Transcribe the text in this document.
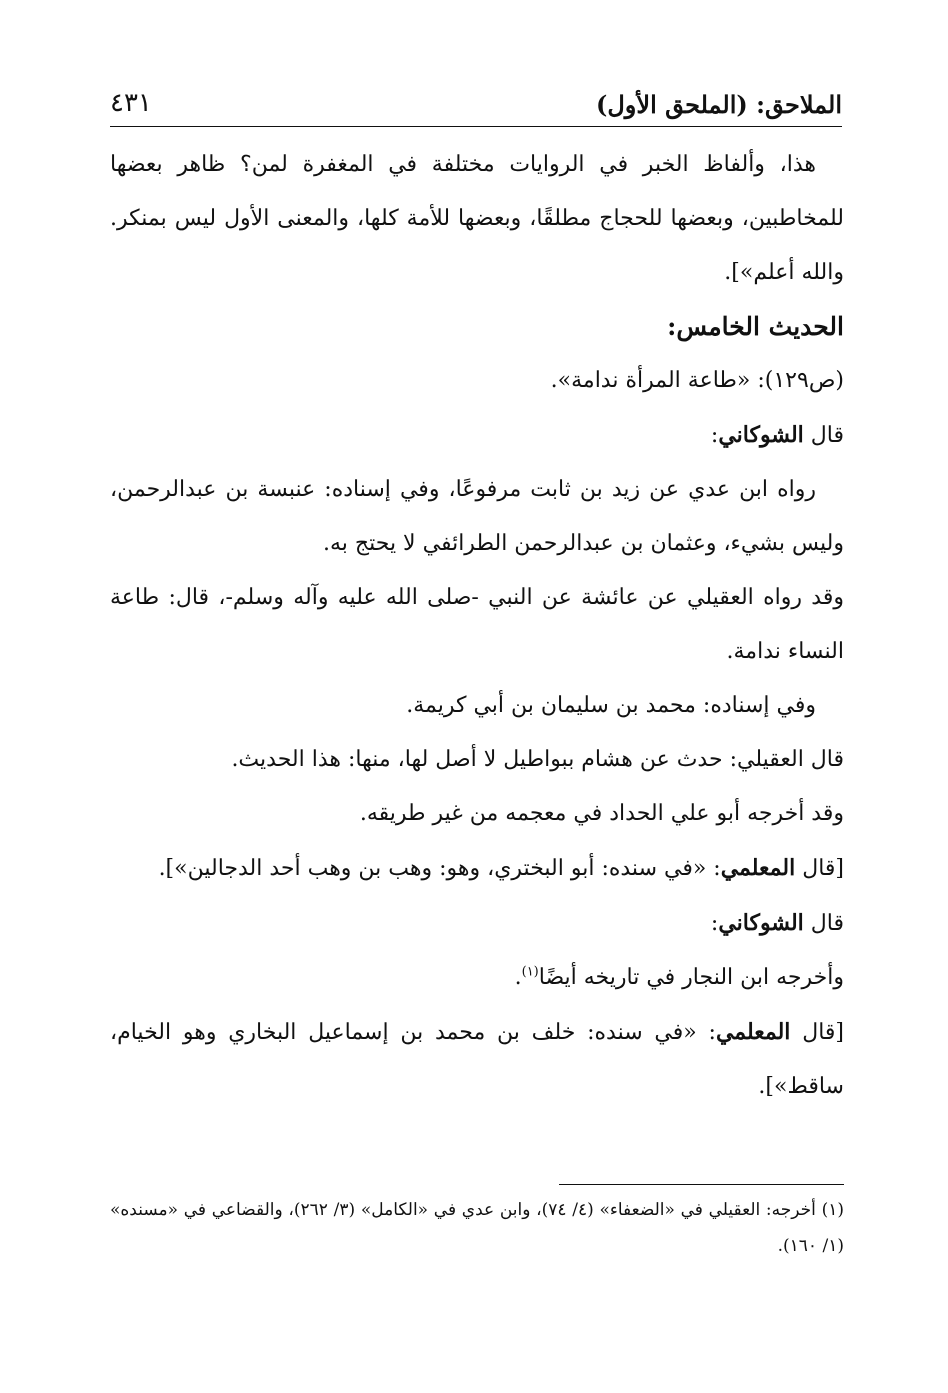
الملاحق: (الملحق الأول)
٤٣١

هذا، وألفاظ الخبر في الروايات مختلفة في المغفرة لمن؟ ظاهر بعضها للمخاطبين، وبعضها للحجاج مطلقًا، وبعضها للأمة كلها، والمعنى الأول ليس بمنكر. والله أعلم»].

الحديث الخامس:

(ص١٢٩): «طاعة المرأة ندامة».

قال الشوكاني:

رواه ابن عدي عن زيد بن ثابت مرفوعًا، وفي إسناده: عنبسة بن عبدالرحمن، وليس بشيء، وعثمان بن عبدالرحمن الطرائفي لا يحتج به.

وقد رواه العقيلي عن عائشة عن النبي -صلى الله عليه وآله وسلم-، قال: طاعة النساء ندامة.

وفي إسناده: محمد بن سليمان بن أبي كريمة.

قال العقيلي: حدث عن هشام ببواطيل لا أصل لها، منها: هذا الحديث.

وقد أخرجه أبو علي الحداد في معجمه من غير طريقه.

[قال المعلمي: «في سنده: أبو البختري، وهو: وهب بن وهب أحد الدجالين»].

قال الشوكاني:

وأخرجه ابن النجار في تاريخه أيضًا$^{(١)}$.

[قال المعلمي: «في سنده: خلف بن محمد بن إسماعيل البخاري وهو الخيام، ساقط»].

(١) أخرجه: العقيلي في «الضعفاء» (٤/ ٧٤)، وابن عدي في «الكامل» (٣/ ٢٦٢)، والقضاعي في «مسنده» (١/ ١٦٠).
